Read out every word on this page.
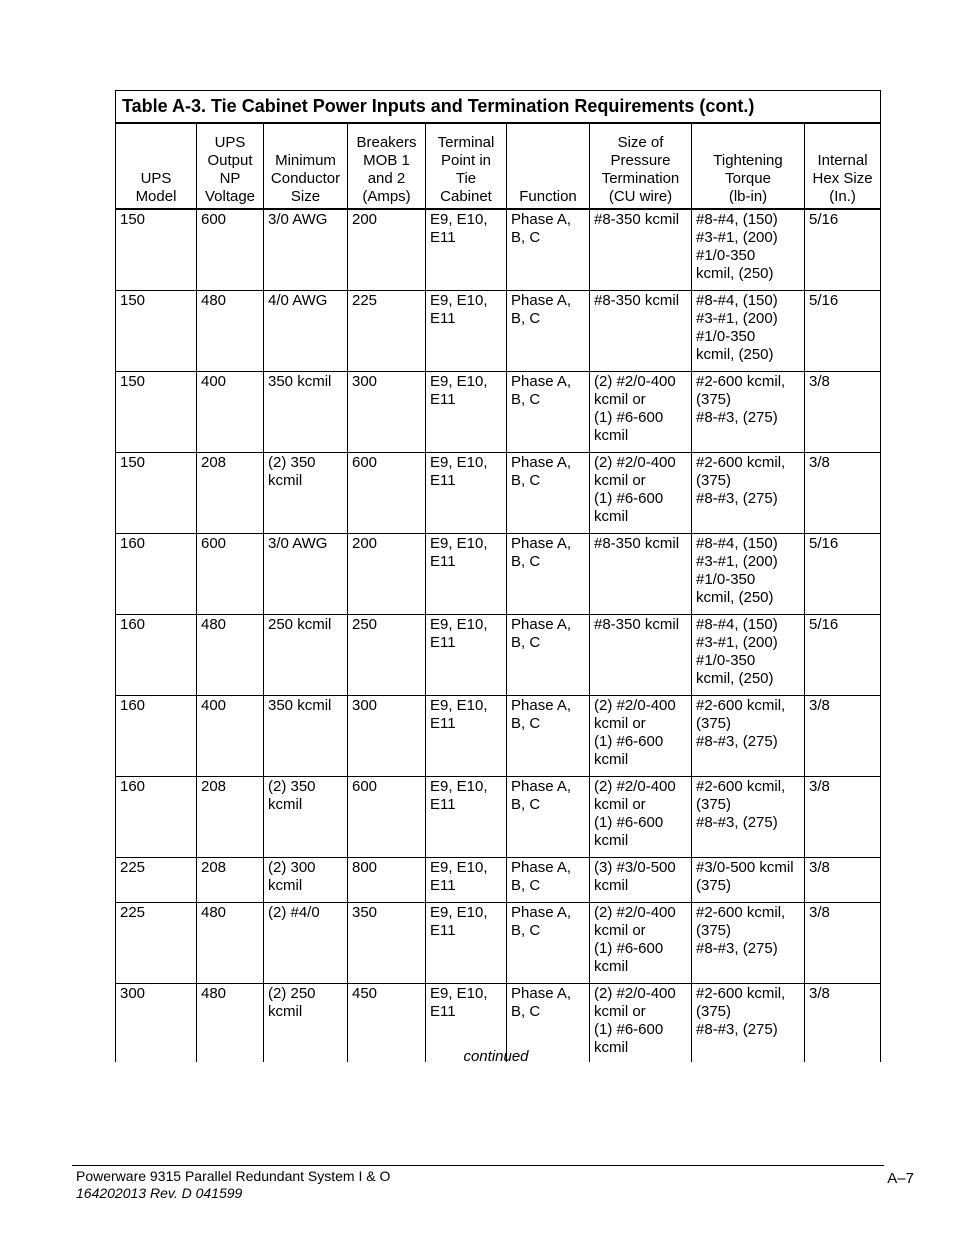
Table A-3. Tie Cabinet Power Inputs and Termination Requirements (cont.)								
UPS
Model	UPS
Output
NP
Voltage	Minimum
Conductor
Size	Breakers
MOB 1
and 2
(Amps)	Terminal
Point in
Tie
Cabinet	Function	Size of
Pressure
Termination
(CU wire)	Tightening
Torque
(lb-in)	Internal
Hex Size
(In.)
150	600	3/0 AWG	200	E9, E10,
E11	Phase A,
B, C	#8-350 kcmil	#8-#4, (150)
#3-#1, (200)
#1/0-350
kcmil, (250)	5/16
150	480	4/0 AWG	225	E9, E10,
E11	Phase A,
B, C	#8-350 kcmil	#8-#4, (150)
#3-#1, (200)
#1/0-350
kcmil, (250)	5/16
150	400	350 kcmil	300	E9, E10,
E11	Phase A,
B, C	(2) #2/0-400
kcmil or
(1) #6-600
kcmil	#2-600 kcmil,
(375)
#8-#3, (275)	3/8
150	208	(2) 350
kcmil	600	E9, E10,
E11	Phase A,
B, C	(2) #2/0-400
kcmil or
(1) #6-600
kcmil	#2-600 kcmil,
(375)
#8-#3, (275)	3/8
160	600	3/0 AWG	200	E9, E10,
E11	Phase A,
B, C	#8-350 kcmil	#8-#4, (150)
#3-#1, (200)
#1/0-350
kcmil, (250)	5/16
160	480	250 kcmil	250	E9, E10,
E11	Phase A,
B, C	#8-350 kcmil	#8-#4, (150)
#3-#1, (200)
#1/0-350
kcmil, (250)	5/16
160	400	350 kcmil	300	E9, E10,
E11	Phase A,
B, C	(2) #2/0-400
kcmil or
(1) #6-600
kcmil	#2-600 kcmil,
(375)
#8-#3, (275)	3/8
160	208	(2) 350
kcmil	600	E9, E10,
E11	Phase A,
B, C	(2) #2/0-400
kcmil or
(1) #6-600
kcmil	#2-600 kcmil,
(375)
#8-#3, (275)	3/8
225	208	(2) 300
kcmil	800	E9, E10,
E11	Phase A,
B, C	(3) #3/0-500
kcmil	#3/0-500 kcmil
(375)	3/8
225	480	(2) #4/0	350	E9, E10,
E11	Phase A,
B, C	(2) #2/0-400
kcmil or
(1) #6-600
kcmil	#2-600 kcmil,
(375)
#8-#3, (275)	3/8
300	480	(2) 250
kcmil	450	E9, E10,
E11	Phase A,
B, C	(2) #2/0-400
kcmil or
(1) #6-600
kcmil	#2-600 kcmil,
(375)
#8-#3, (275)	3/8
continued
Powerware 9315 Parallel Redundant System I & O
164202013 Rev. D 041599
A–7
